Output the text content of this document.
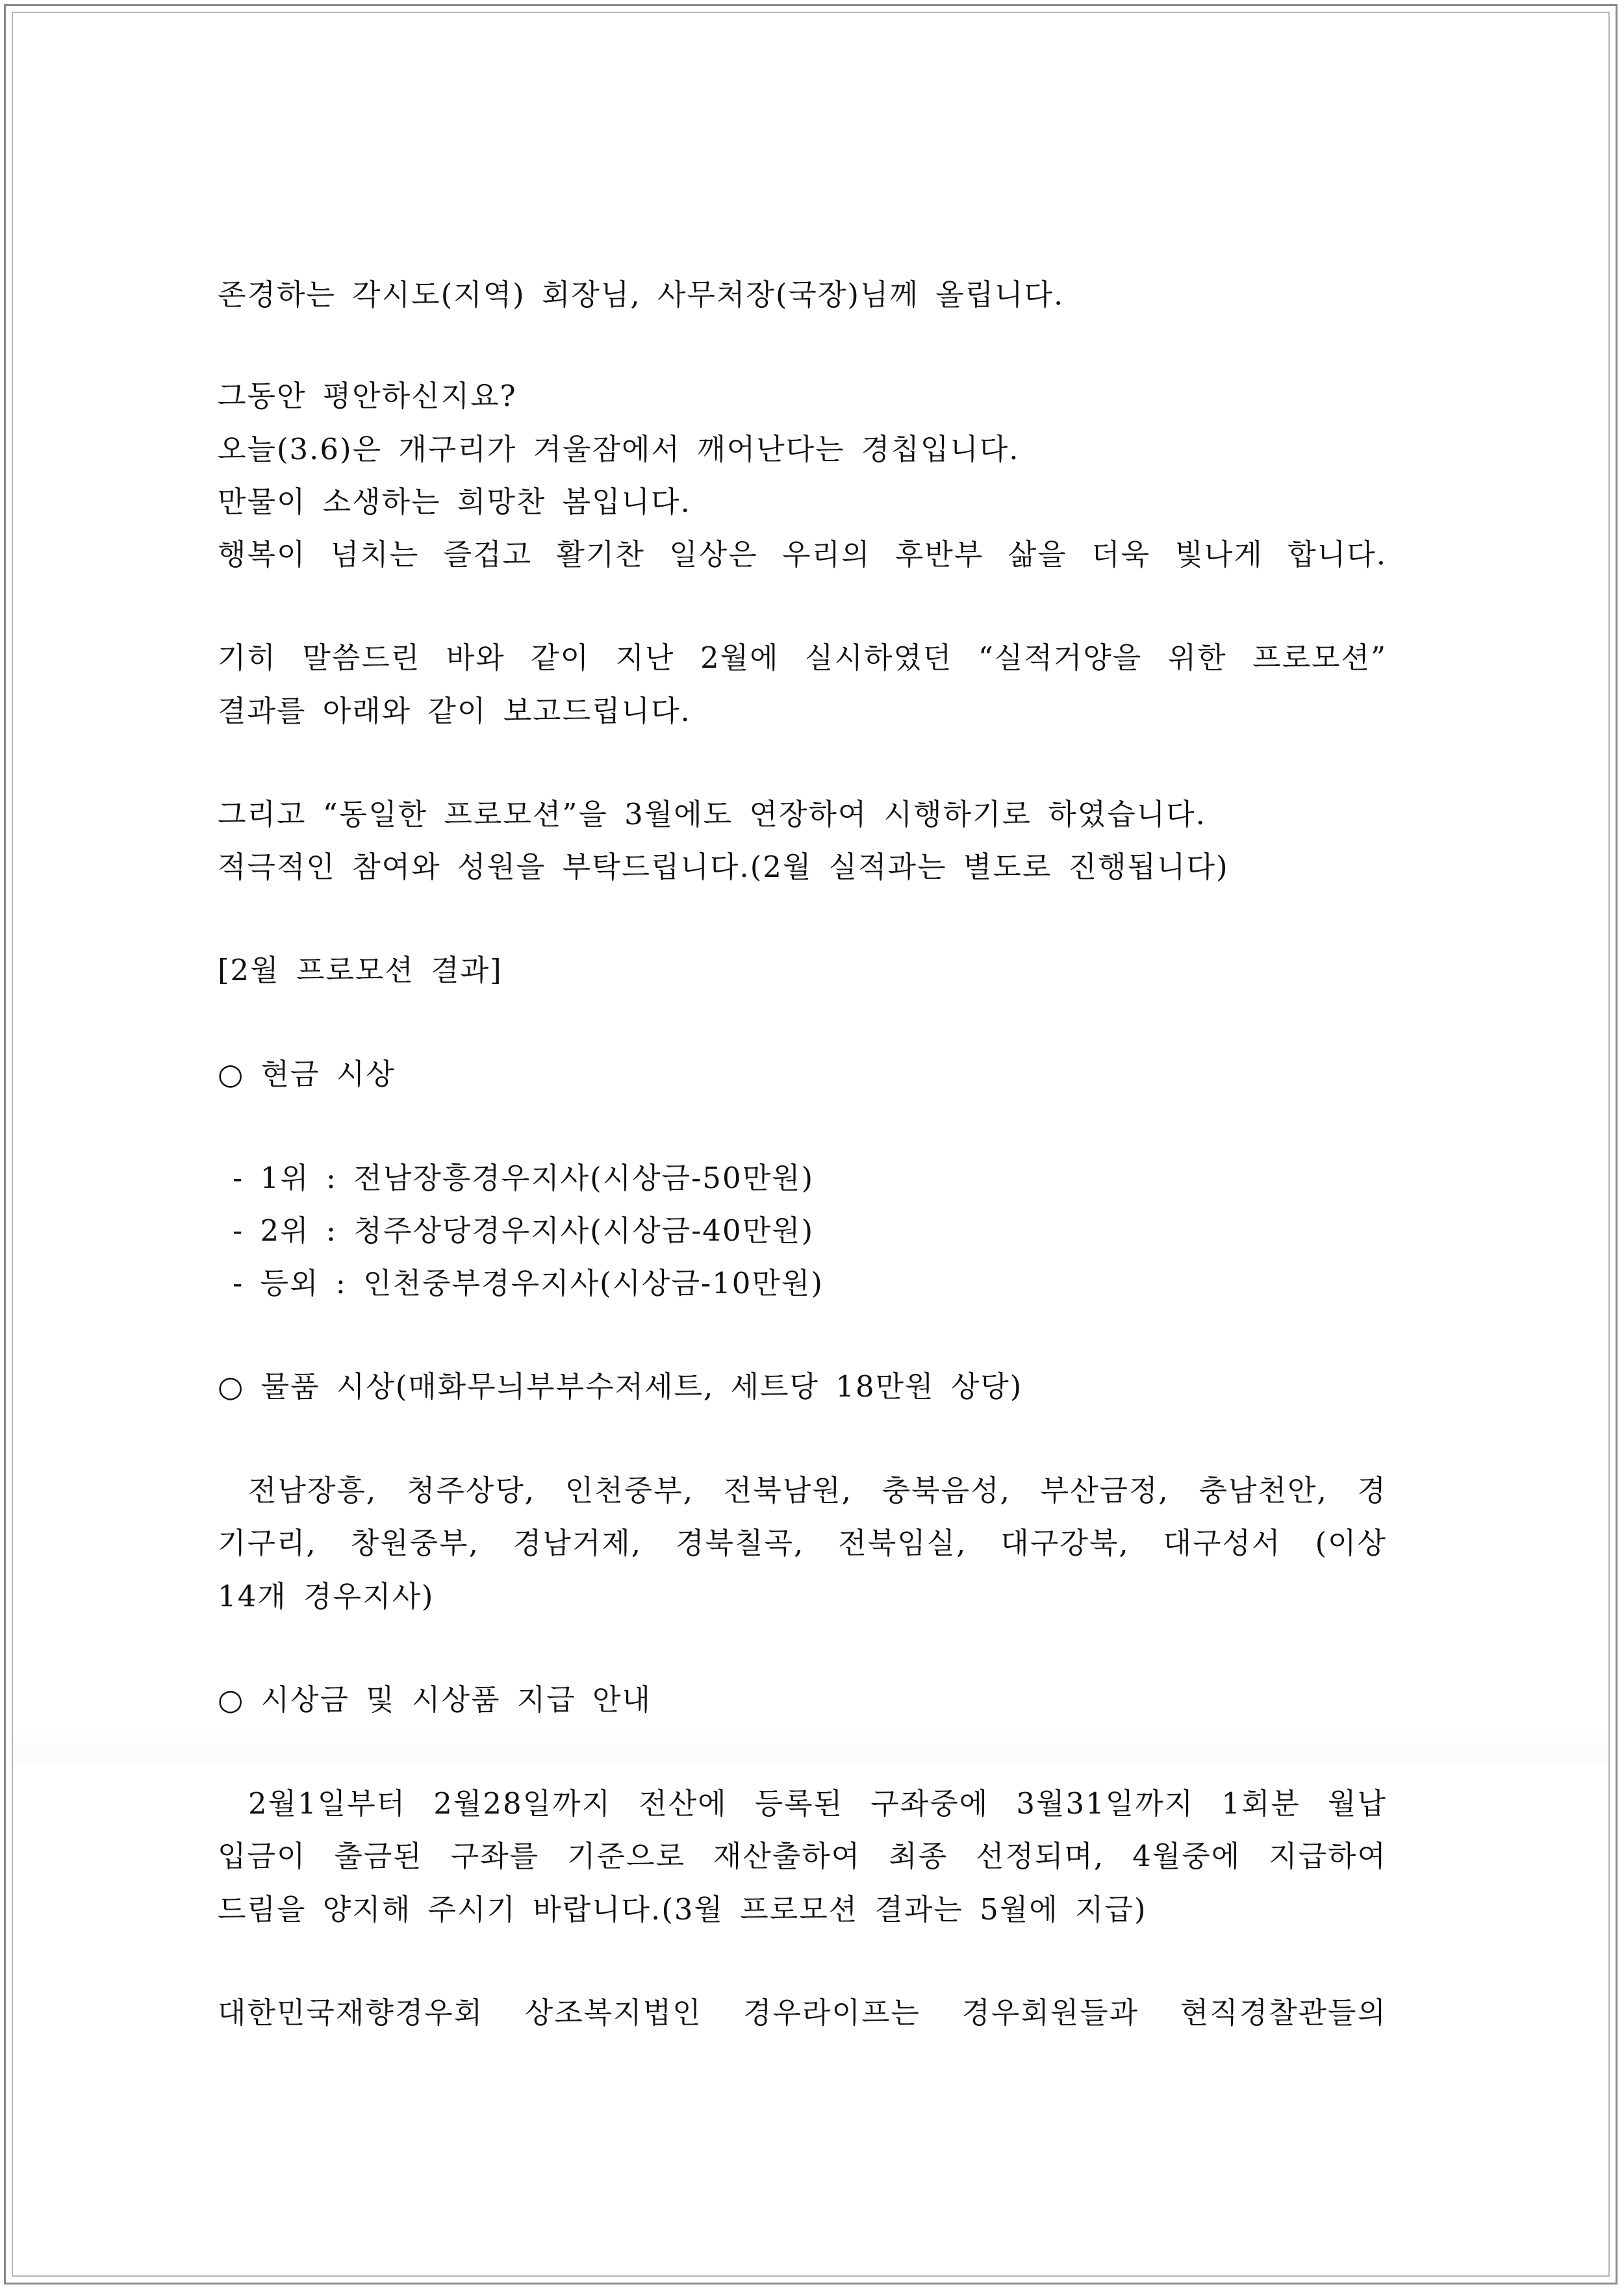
존경하는 각시도(지역) 회장님, 사무처장(국장)님께 올립니다.
그동안 평안하신지요?
오늘(3.6)은 개구리가 겨울잠에서 깨어난다는 경칩입니다.
만물이 소생하는 희망찬 봄입니다.
행복이 넘치는 즐겁고 활기찬 일상은 우리의 후반부 삶을 더욱 빛나게 합니다.
기히 말씀드린 바와 같이 지난 2월에 실시하였던 “실적거양을 위한 프로모션”
결과를 아래와 같이 보고드립니다.
그리고 “동일한 프로모션”을 3월에도 연장하여 시행하기로 하였습니다.
적극적인 참여와 성원을 부탁드립니다.(2월 실적과는 별도로 진행됩니다)
[2월 프로모션 결과]
○ 현금 시상
- 1위 : 전남장흥경우지사(시상금-50만원)
- 2위 : 청주상당경우지사(시상금-40만원)
- 등외 : 인천중부경우지사(시상금-10만원)
○ 물품 시상(매화무늬부부수저세트, 세트당 18만원 상당)
전남장흥, 청주상당, 인천중부, 전북남원, 충북음성, 부산금정, 충남천안, 경
기구리, 창원중부, 경남거제, 경북칠곡, 전북임실, 대구강북, 대구성서 (이상
14개 경우지사)
○ 시상금 및 시상품 지급 안내
2월1일부터 2월28일까지 전산에 등록된 구좌중에 3월31일까지 1회분 월납
입금이 출금된 구좌를 기준으로 재산출하여 최종 선정되며, 4월중에 지급하여
드림을 양지해 주시기 바랍니다.(3월 프로모션 결과는 5월에 지급)
대한민국재향경우회 상조복지법인 경우라이프는 경우회원들과 현직경찰관들의
